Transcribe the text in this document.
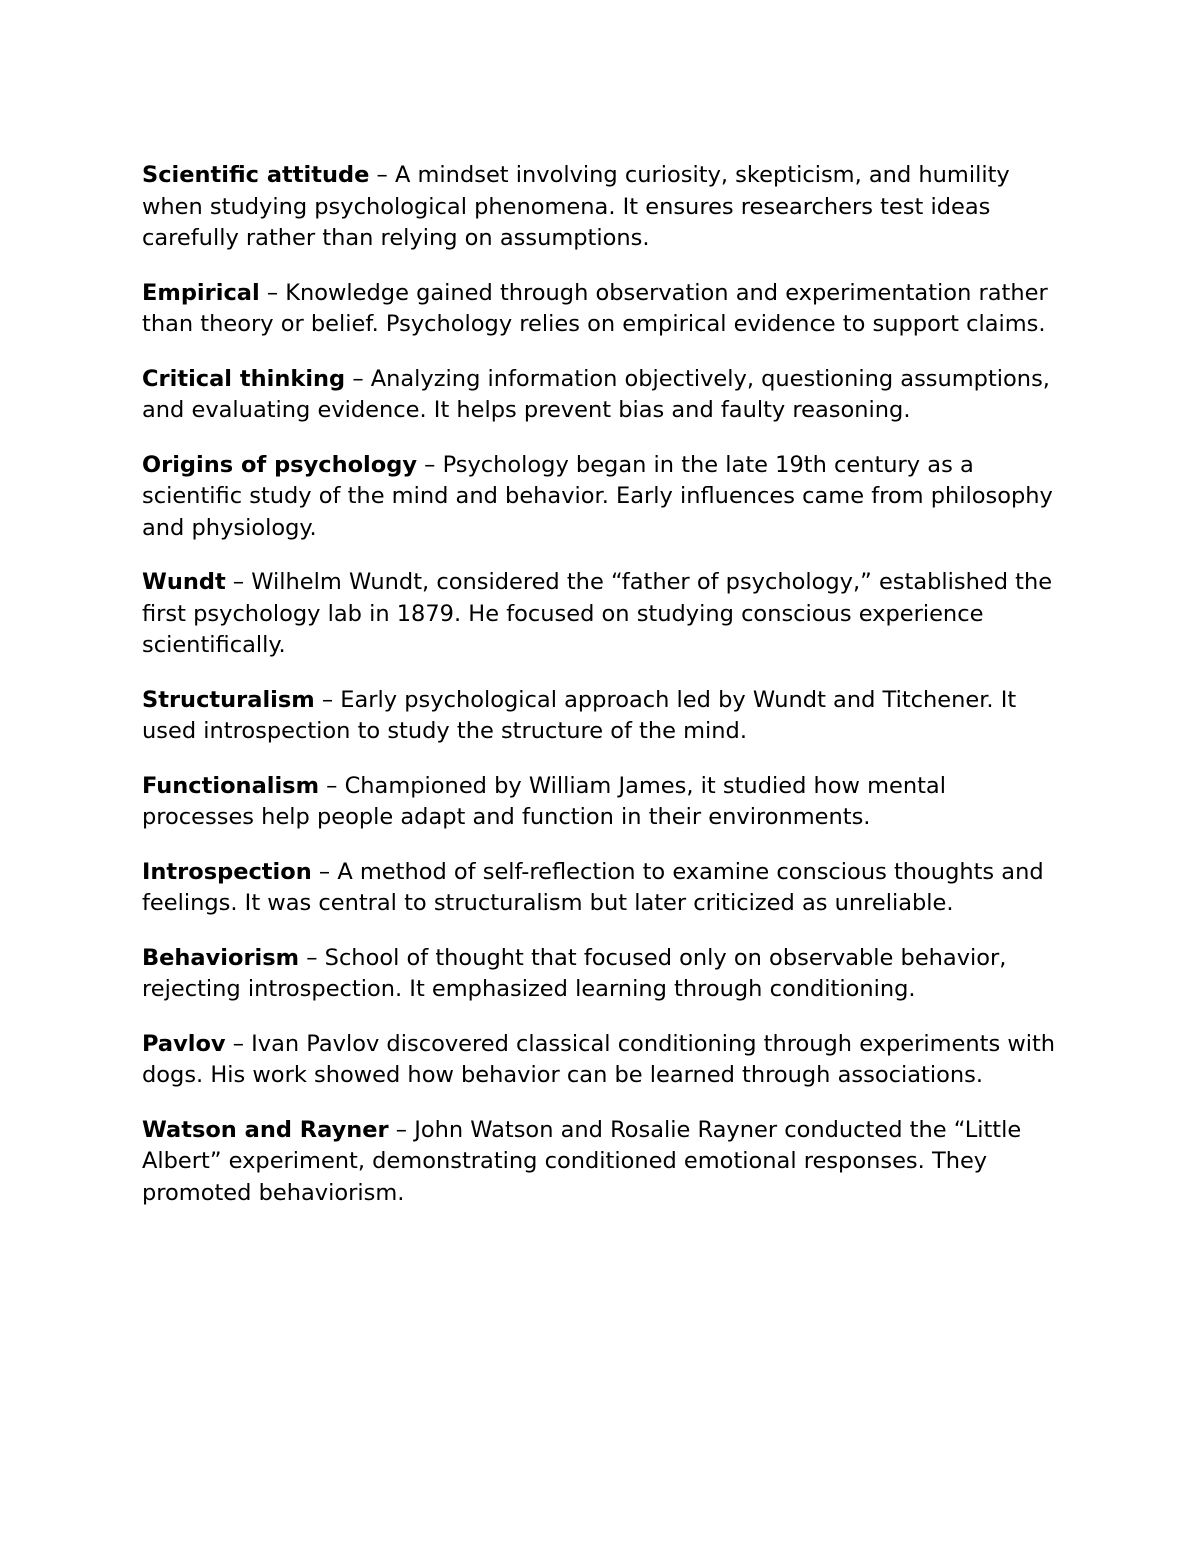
Scientific attitude – A mindset involving curiosity, skepticism, and humility when studying psychological phenomena. It ensures researchers test ideas carefully rather than relying on assumptions.

Empirical – Knowledge gained through observation and experimentation rather than theory or belief. Psychology relies on empirical evidence to support claims.

Critical thinking – Analyzing information objectively, questioning assumptions, and evaluating evidence. It helps prevent bias and faulty reasoning.

Origins of psychology – Psychology began in the late 19th century as a scientific study of the mind and behavior. Early influences came from philosophy and physiology.

Wundt – Wilhelm Wundt, considered the “father of psychology,” established the first psychology lab in 1879. He focused on studying conscious experience scientifically.

Structuralism – Early psychological approach led by Wundt and Titchener. It used introspection to study the structure of the mind.

Functionalism – Championed by William James, it studied how mental processes help people adapt and function in their environments.

Introspection – A method of self-reflection to examine conscious thoughts and feelings. It was central to structuralism but later criticized as unreliable.

Behaviorism – School of thought that focused only on observable behavior, rejecting introspection. It emphasized learning through conditioning.

Pavlov – Ivan Pavlov discovered classical conditioning through experiments with dogs. His work showed how behavior can be learned through associations.

Watson and Rayner – John Watson and Rosalie Rayner conducted the “Little Albert” experiment, demonstrating conditioned emotional responses. They promoted behaviorism.
